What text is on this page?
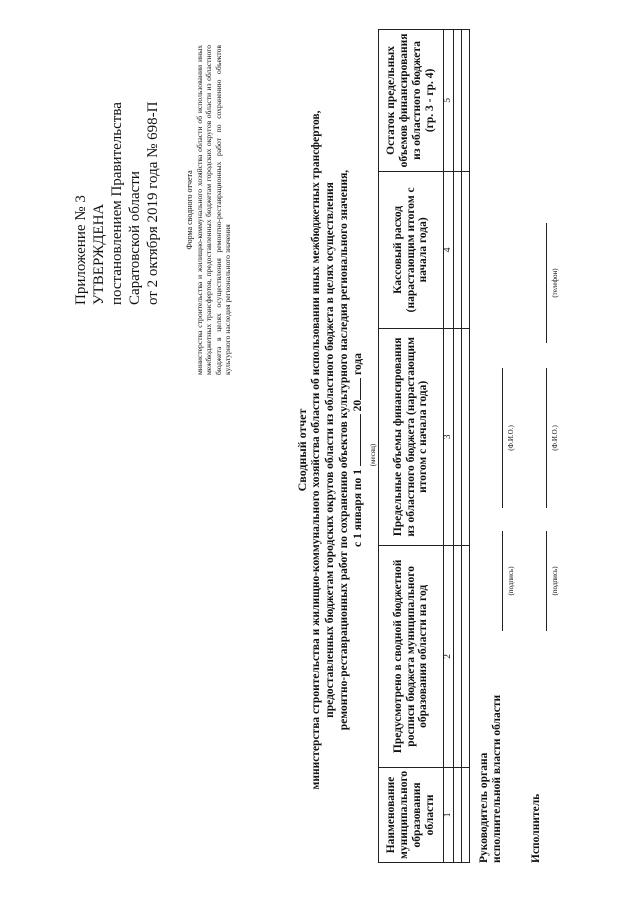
Приложение № 3 УТВЕРЖДЕНА постановлением Правительства Саратовской области от 2 октября 2019 года № 698-П	Форма сводного отчета министерства строительства и жилищно-коммунального хозяйства области об использовании иных межбюджетных трансфертов, предоставленных бюджетам городских округов области из областного бюджета в целях осуществления ремонтно-реставрационных работ по сохранению объектов культурного наследия регионального значения
Сводный отчет министерства строительства и жилищно-коммунального хозяйства области об использовании иных межбюджетных трансфертов, предоставленных бюджетам городских округов области из областного бюджета в целях осуществления ремонтно-реставрационных работ по сохранению объектов культурного наследия регионального значения, с 1 января по 1  20 года
(месяц)
Наименование муниципального образования области	Предусмотрено в сводной бюджетной росписи бюджета муниципального образования области на год	Предельные объемы финансирования из областного бюджета (нарастающим итогом с начала года)	Кассовый расход (нарастающим итогом с начала года)	Остаток предельных объемов финансирования из областного бюджета (гр. 3 - гр. 4)
1	2	3	4	5

Руководитель органа исполнительной власти области
(подпись)
(Ф.И.О.)
Исполнитель
(подпись)
(Ф.И.О.)
(телефон)
